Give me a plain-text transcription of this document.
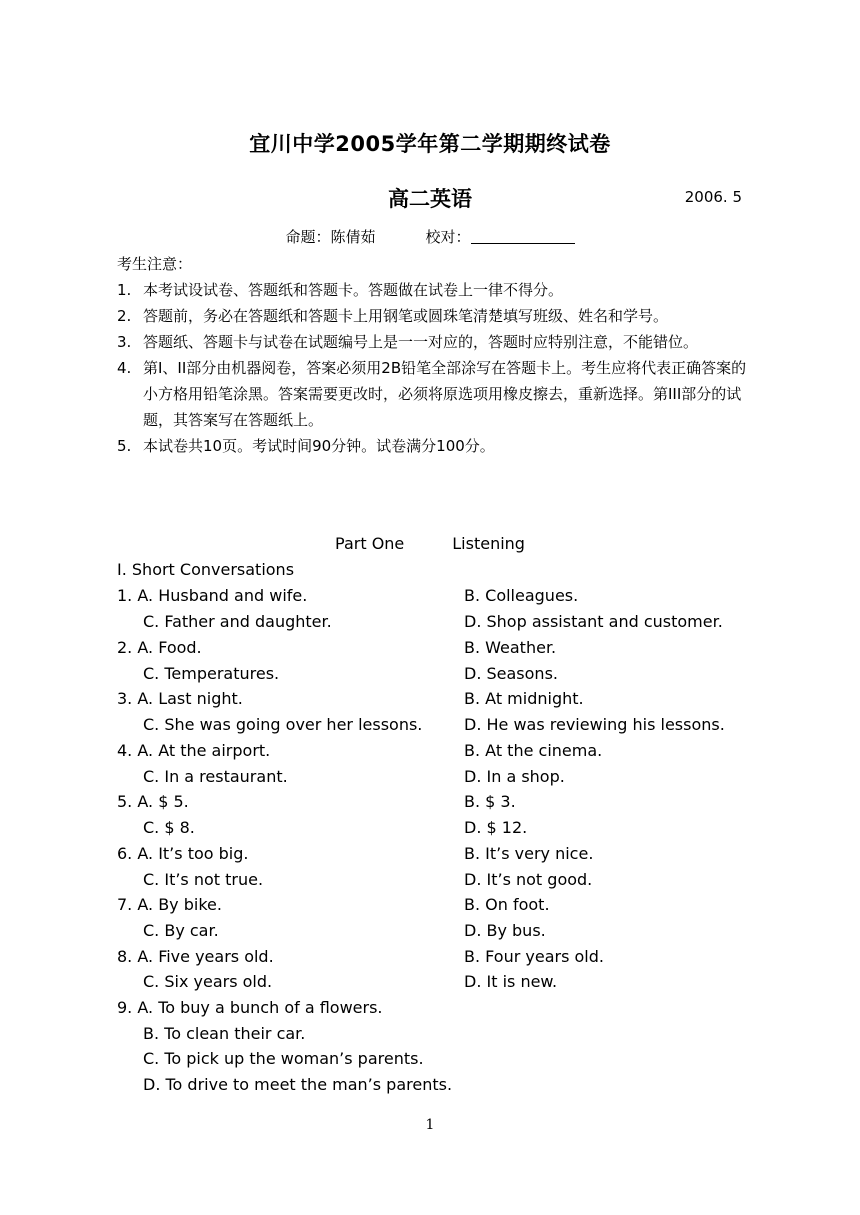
宜川中学2005学年第二学期期终试卷
高二英语	2006. 5
命题：陈倩茹	校对：
考生注意：
1. 本考试设试卷、答题纸和答题卡。答题做在试卷上一律不得分。
2. 答题前，务必在答题纸和答题卡上用钢笔或圆珠笔清楚填写班级、姓名和学号。
3. 答题纸、答题卡与试卷在试题编号上是一一对应的，答题时应特别注意，不能错位。
4. 第I、II部分由机器阅卷，答案必须用2B铅笔全部涂写在答题卡上。考生应将代表正确答案的小方格用铅笔涂黑。答案需要更改时，必须将原选项用橡皮擦去，重新选择。第III部分的试题，其答案写在答题纸上。
5. 本试卷共10页。考试时间90分钟。试卷满分100分。
Part One	Listening
I. Short Conversations
1. A. Husband and wife.	B. Colleagues.
C. Father and daughter.	D. Shop assistant and customer.
2. A. Food.	B. Weather.
C. Temperatures.	D. Seasons.
3. A. Last night.	B. At midnight.
C. She was going over her lessons.	D. He was reviewing his lessons.
4. A. At the airport.	B. At the cinema.
C. In a restaurant.	D. In a shop.
5. A. $ 5.	B. $ 3.
C. $ 8.	D. $ 12.
6. A. It’s too big.	B. It’s very nice.
C. It’s not true.	D. It’s not good.
7. A. By bike.	B. On foot.
C. By car.	D. By bus.
8. A. Five years old.	B. Four years old.
C. Six years old.	D. It is new.
9. A. To buy a bunch of a flowers.
B. To clean their car.
C. To pick up the woman’s parents.
D. To drive to meet the man’s parents.
1
